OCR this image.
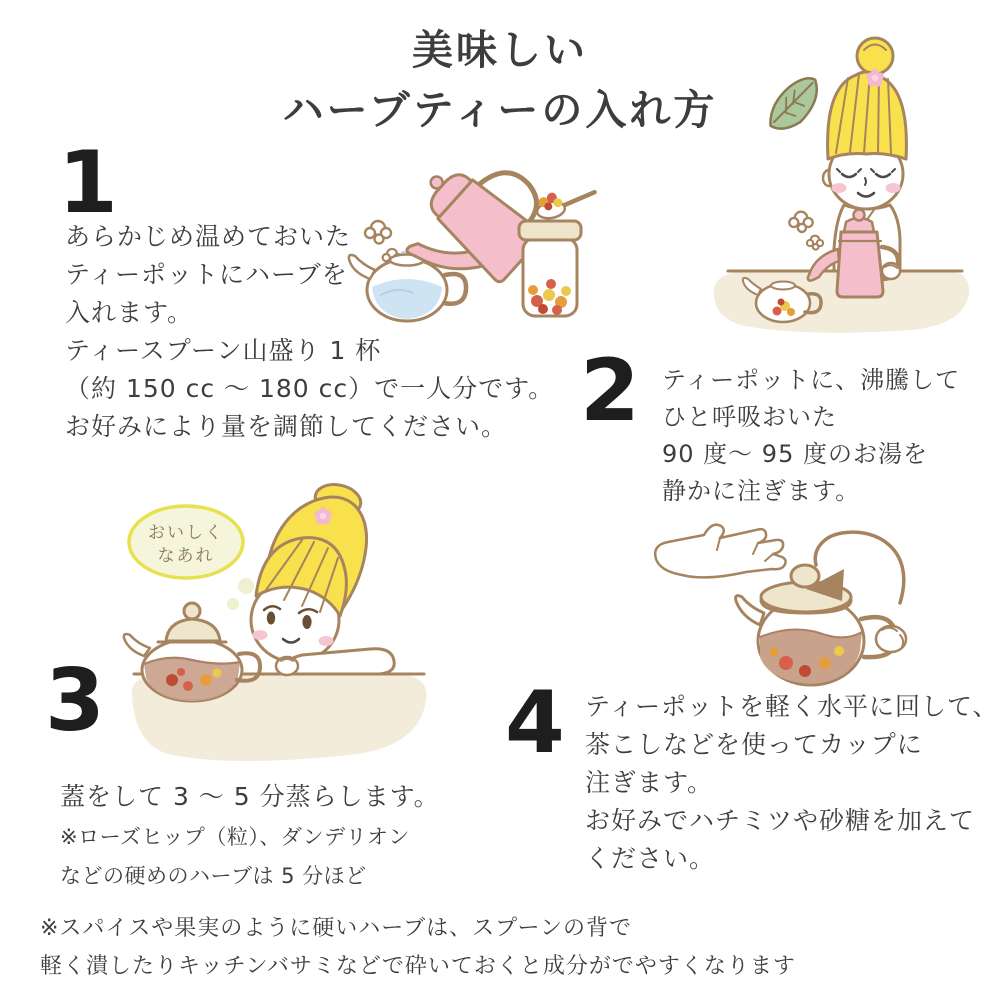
美味しい
ハーブティーの入れ方
1
あらかじめ温めておいた
ティーポットにハーブを
入れます。
ティースプーン山盛り 1 杯
（約 150 cc ～ 180 cc）で一人分です。
お好みにより量を調節してください。 2 ティーポットに、沸騰して
ひと呼吸おいた
90 度～ 95 度のお湯を
静かに注ぎます。
3
蓋をして 3 ～ 5 分蒸らします。
※ローズヒップ（粒）、ダンデリオン
などの硬めのハーブは 5 分ほど
4 ティーポットを軽く水平に回して、
茶こしなどを使ってカップに
注ぎます。
お好みでハチミツや砂糖を加えて
ください。
※スパイスや果実のように硬いハーブは、スプーンの背で
軽く潰したりキッチンバサミなどで砕いておくと成分がでやすくなります
おいしく
なあれ
